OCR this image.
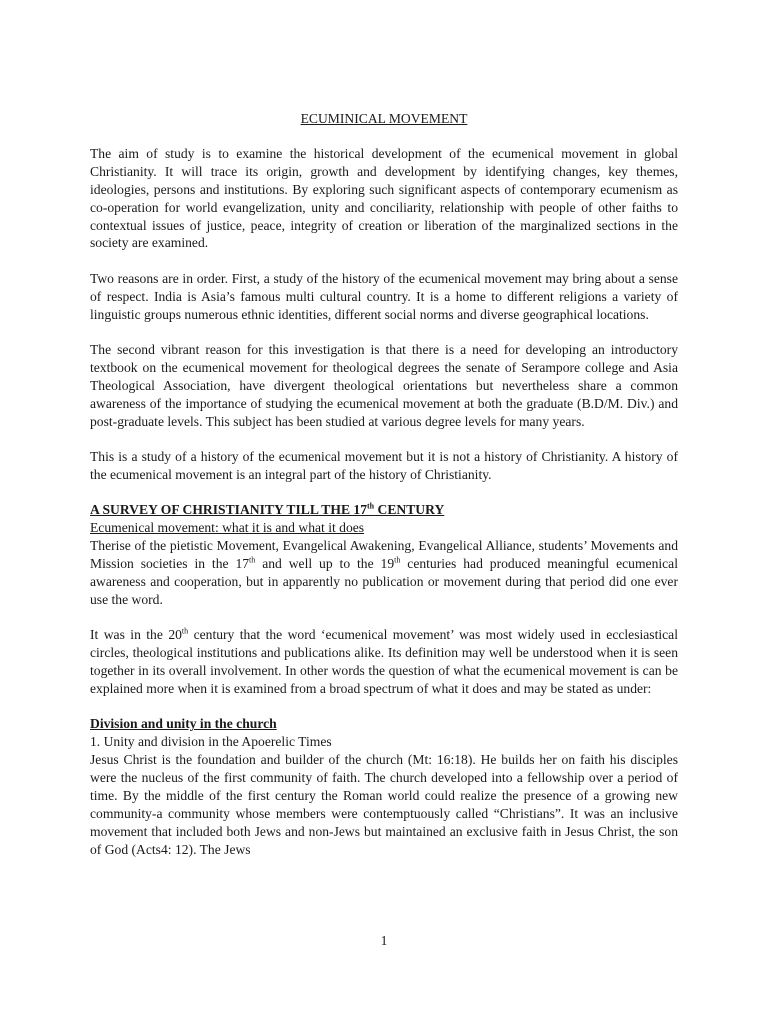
ECUMINICAL MOVEMENT

The aim of study is to examine the historical development of the ecumenical movement in global Christianity. It will trace its origin, growth and development by identifying changes, key themes, ideologies, persons and institutions. By exploring such significant aspects of contemporary ecumenism as co-operation for world evangelization, unity and conciliarity, relationship with people of other faiths to contextual issues of justice, peace, integrity of creation or liberation of the marginalized sections in the society are examined.

Two reasons are in order. First, a study of the history of the ecumenical movement may bring about a sense of respect. India is Asia’s famous multi cultural country. It is a home to different religions a variety of linguistic groups numerous ethnic identities, different social norms and diverse geographical locations.

The second vibrant reason for this investigation is that there is a need for developing an introductory textbook on the ecumenical movement for theological degrees the senate of Serampore college and Asia Theological Association, have divergent theological orientations but nevertheless share a common awareness of the importance of studying the ecumenical movement at both the graduate (B.D/M. Div.) and post-graduate levels. This subject has been studied at various degree levels for many years.

This is a study of a history of the ecumenical movement but it is not a history of Christianity. A history of the ecumenical movement is an integral part of the history of Christianity.

A SURVEY OF CHRISTIANITY TILL THE 17th CENTURY
Ecumenical movement: what it is and what it does

Therise of the pietistic Movement, Evangelical Awakening, Evangelical Alliance, students’ Movements and Mission societies in the 17th and well up to the 19th centuries had produced meaningful ecumenical awareness and cooperation, but in apparently no publication or movement during that period did one ever use the word.

It was in the 20th century that the word ‘ecumenical movement’ was most widely used in ecclesiastical circles, theological institutions and publications alike. Its definition may well be understood when it is seen together in its overall involvement. In other words the question of what the ecumenical movement is can be explained more when it is examined from a broad spectrum of what it does and may be stated as under:

Division and unity in the church
1. Unity and division in the Apoerelic Times

Jesus Christ is the foundation and builder of the church (Mt: 16:18). He builds her on faith his disciples were the nucleus of the first community of faith. The church developed into a fellowship over a period of time. By the middle of the first century the Roman world could realize the presence of a growing new community-a community whose members were contemptuously called “Christians”. It was an inclusive movement that included both Jews and non-Jews but maintained an exclusive faith in Jesus Christ, the son of God (Acts4: 12). The Jews

1
